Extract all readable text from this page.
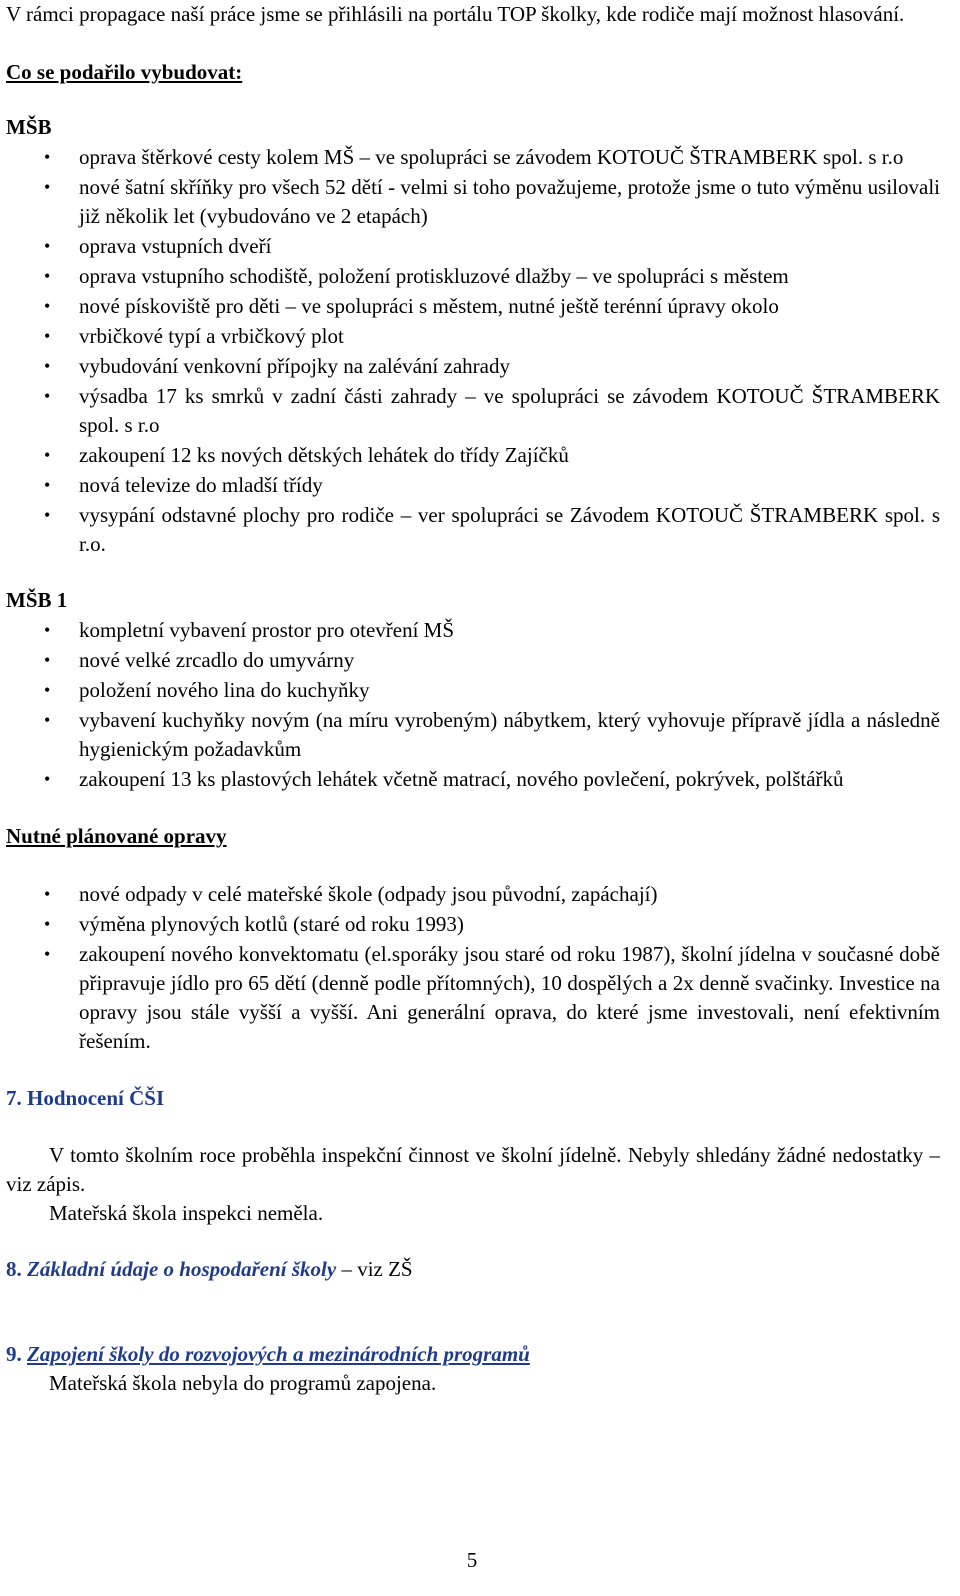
V rámci propagace naší práce jsme se přihlásili na portálu TOP školky, kde rodiče mají možnost hlasování.

Co se podařilo vybudovat:

MŠB

• oprava štěrkové cesty kolem MŠ – ve spolupráci se závodem KOTOUČ ŠTRAMBERK spol. s r.o
• nové šatní skříňky pro všech 52 dětí - velmi si toho považujeme, protože jsme o tuto výměnu usilovali již několik let (vybudováno ve 2 etapách)
• oprava vstupních dveří
• oprava vstupního schodiště, položení protiskluzové dlažby – ve spolupráci s městem
• nové pískoviště pro děti – ve spolupráci s městem, nutné ještě terénní úpravy okolo
• vrbičkové typí a vrbičkový plot
• vybudování venkovní přípojky na zalévání zahrady
• výsadba 17 ks smrků v zadní části zahrady – ve spolupráci se závodem KOTOUČ ŠTRAMBERK spol. s r.o
• zakoupení 12 ks nových dětských lehátek do třídy Zajíčků
• nová televize do mladší třídy
• vysypání odstavné plochy pro rodiče – ver spolupráci se Závodem KOTOUČ ŠTRAMBERK spol. s r.o.

MŠB 1

• kompletní vybavení prostor pro otevření MŠ
• nové velké zrcadlo do umyvárny
• položení nového lina do kuchyňky
• vybavení kuchyňky novým (na míru vyrobeným) nábytkem, který vyhovuje přípravě jídla a následně hygienickým požadavkům
• zakoupení 13 ks plastových lehátek včetně matrací, nového povlečení, pokrývek, polštářků

Nutné plánované opravy

• nové odpady v celé mateřské škole (odpady jsou původní, zapáchají)
• výměna plynových kotlů (staré od roku 1993)
• zakoupení nového konvektomatu (el.sporáky jsou staré od roku 1987), školní jídelna v současné době připravuje jídlo pro 65 dětí (denně podle přítomných), 10 dospělých a 2x denně svačinky. Investice na opravy jsou stále vyšší a vyšší. Ani generální oprava, do které jsme investovali, není efektivním řešením.

7. Hodnocení ČŠI

V tomto školním roce proběhla inspekční činnost ve školní jídelně. Nebyly shledány žádné nedostatky – viz zápis.

Mateřská škola inspekci neměla.

8. Základní údaje o hospodaření školy – viz ZŠ

9. Zapojení školy do rozvojových a mezinárodních programů

Mateřská škola nebyla do programů zapojena.

5
